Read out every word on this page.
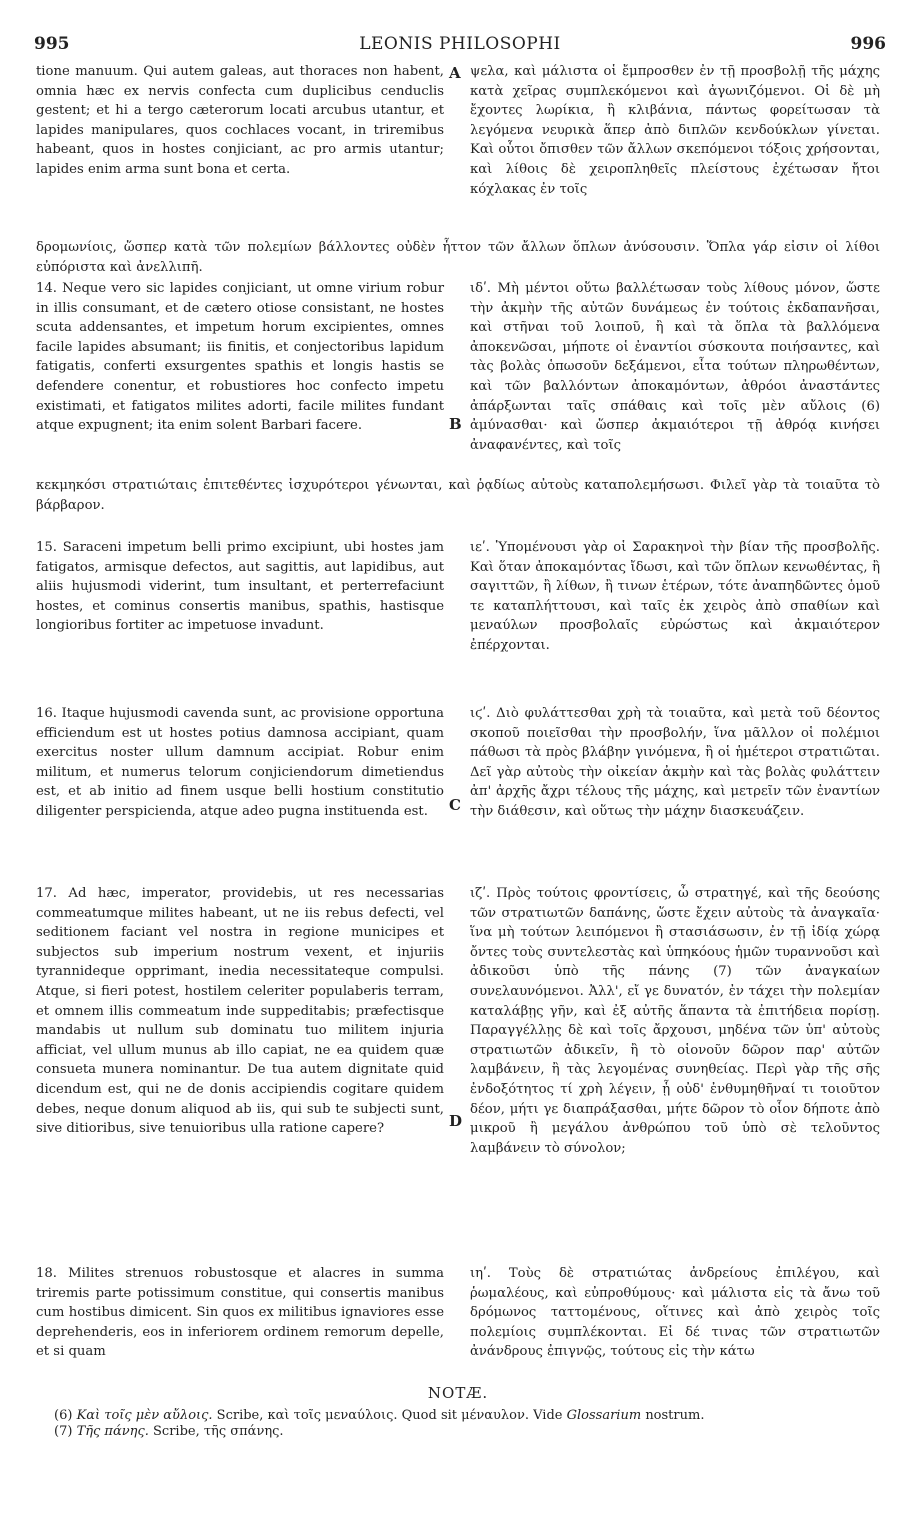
995	LEONIS PHILOSOPHI	996
tione manuum. Qui autem galeas, aut thoraces non habent, omnia hæc ex nervis confecta cum duplicibus cenduclis gestent; et hi a tergo cæterorum locati arcubus utantur, et lapides manipulares, quos cochlaces vocant, in triremibus habeant, quos in hostes conjiciant, ac pro armis utantur; lapides enim arma sunt bona et certa.
A ψελα, καὶ μάλιστα οἱ ἔμπροσθεν ἐν τῇ προσβολῇ τῆς μάχης κατὰ χεῖρας συμπλεκόμενοι καὶ ἀγωνιζόμενοι. Οἱ δὲ μὴ ἔχοντες λωρίκια, ἢ κλιβάνια, πάντως φορείτωσαν τὰ λεγόμενα νευρικὰ ἅπερ ἀπὸ διπλῶν κενδούκλων γίνεται. Καὶ οὗτοι ὄπισθεν τῶν ἄλλων σκεπόμενοι τόξοις χρήσονται, καὶ λίθοις δὲ χειροπληθεῖς πλείστους ἐχέτωσαν ἤτοι κόχλακας ἐν τοῖς
δρομωνίοις, ὥσπερ κατὰ τῶν πολεμίων βάλλοντες οὐδὲν ἧττον τῶν ἄλλων ὅπλων ἀνύσουσιν. Ὅπλα γάρ εἰσιν οἱ λίθοι εὐπόριστα καὶ ἀνελλιπῆ.
14. Neque vero sic lapides conjiciant, ut omne virium robur in illis consumant, et de cætero otiose consistant, ne hostes scuta addensantes, et impetum horum excipientes, omnes facile lapides absumant; iis finitis, et conjectoribus lapidum fatigatis, conferti exsurgentes spathis et longis hastis se defendere conentur, et robustiores hoc confecto impetu existimati, et fatigatos milites adorti, facile milites fundant atque expugnent; ita enim solent Barbari facere.	B
ιδʹ. Μὴ μέντοι οὕτω βαλλέτωσαν τοὺς λίθους μόνον, ὥστε τὴν ἀκμὴν τῆς αὐτῶν δυνάμεως ἐν τούτοις ἐκδαπανῆσαι, καὶ στῆναι τοῦ λοιποῦ, ἢ καὶ τὰ ὅπλα τὰ βαλλόμενα ἀποκενῶσαι, μήποτε οἱ ἐναντίοι σύσκουτα ποιήσαντες, καὶ τὰς βολὰς ὁπωσοῦν δεξάμενοι, εἶτα τούτων πληρωθέντων, καὶ τῶν βαλλόντων ἀποκαμόντων, ἀθρόοι ἀναστάντες ἀπάρξωνται ταῖς σπάθαις καὶ τοῖς μὲν αὔλοις (6) ἀμύνασθαι· καὶ ὥσπερ ἀκμαιότεροι τῇ ἀθρόᾳ κινήσει ἀναφανέντες, καὶ τοῖς
κεκμηκόσι στρατιώταις ἐπιτεθέντες ἰσχυρότεροι γένωνται, καὶ ῥᾳδίως αὐτοὺς καταπολεμήσωσι. Φιλεῖ γὰρ τὰ τοιαῦτα τὸ βάρβαρον.
15. Saraceni impetum belli primo excipiunt, ubi hostes jam fatigatos, armisque defectos, aut sagittis, aut lapidibus, aut aliis hujusmodi viderint, tum insultant, et perterrefaciunt hostes, et cominus consertis manibus, spathis, hastisque longioribus fortiter ac impetuose invadunt.
ιεʹ. Ὑπομένουσι γὰρ οἱ Σαρακηνοὶ τὴν βίαν τῆς προσβολῆς. Καὶ ὅταν ἀποκαμόντας ἴδωσι, καὶ τῶν ὅπλων κενωθέντας, ἢ σαγιττῶν, ἢ λίθων, ἢ τινων ἑτέρων, τότε ἀναπηδῶντες ὁμοῦ τε καταπλήττουσι, καὶ ταῖς ἐκ χειρὸς ἀπὸ σπαθίων καὶ μεναύλων προσβολαῖς εὐρώστως καὶ ἀκμαιότερον ἐπέρχονται.
16. Itaque hujusmodi cavenda sunt, ac provisione opportuna efficiendum est ut hostes potius damnosa accipiant, quam exercitus noster ullum damnum accipiat. Robur enim militum, et numerus telorum conjiciendorum dimetiendus est, et ab initio ad finem usque belli hostium constitutio diligenter perspicienda, atque adeo pugna instituenda est.	C
ιϛʹ. Διὸ φυλάττεσθαι χρὴ τὰ τοιαῦτα, καὶ μετὰ τοῦ δέοντος σκοποῦ ποιεῖσθαι τὴν προσβολήν, ἵνα μᾶλλον οἱ πολέμιοι πάθωσι τὰ πρὸς βλάβην γινόμενα, ἢ οἱ ἡμέτεροι στρατιῶται. Δεῖ γὰρ αὐτοὺς τὴν οἰκείαν ἀκμὴν καὶ τὰς βολὰς φυλάττειν ἀπ' ἀρχῆς ἄχρι τέλους τῆς μάχης, καὶ μετρεῖν τῶν ἐναντίων τὴν διάθεσιν, καὶ οὕτως τὴν μάχην διασκευάζειν.
17. Ad hæc, imperator, providebis, ut res necessarias commeatumque milites habeant, ut ne iis rebus defecti, vel seditionem faciant vel nostra in regione municipes et subjectos sub imperium nostrum vexent, et injuriis tyrannideque opprimant, inedia necessitateque compulsi. Atque, si fieri potest, hostilem celeriter populaberis terram, et omnem illis commeatum inde suppeditabis; præfectisque mandabis ut nullum sub dominatu tuo militem injuria afficiat, vel ullum munus ab illo capiat, ne ea quidem quæ consueta munera nominantur. De tua autem dignitate quid dicendum est, qui ne de donis accipiendis cogitare quidem debes, neque donum aliquod ab iis, qui sub te subjecti sunt, sive ditioribus, sive tenuioribus ulla ratione capere?	D
ιζʹ. Πρὸς τούτοις φροντίσεις, ὦ στρατηγέ, καὶ τῆς δεούσης τῶν στρατιωτῶν δαπάνης, ὥστε ἔχειν αὐτοὺς τὰ ἀναγκαῖα· ἵνα μὴ τούτων λειπόμενοι ἢ στασιάσωσιν, ἐν τῇ ἰδίᾳ χώρᾳ ὄντες τοὺς συντελεστὰς καὶ ὑπηκόους ἡμῶν τυραννοῦσι καὶ ἀδικοῦσι ὑπὸ τῆς πάνης (7) τῶν ἀναγκαίων συνελαυνόμενοι. Ἀλλ', εἴ γε δυνατόν, ἐν τάχει τὴν πολεμίαν καταλάβῃς γῆν, καὶ ἐξ αὐτῆς ἅπαντα τὰ ἐπιτήδεια πορίσῃ. Παραγγέλλῃς δὲ καὶ τοῖς ἄρχουσι, μηδένα τῶν ὑπ' αὐτοὺς στρατιωτῶν ἀδικεῖν, ἢ τὸ οἱονοῦν δῶρον παρ' αὐτῶν λαμβάνειν, ἢ τὰς λεγομένας συνηθείας. Περὶ γὰρ τῆς σῆς ἐνδοξότητος τί χρὴ λέγειν, ᾗ οὐδ' ἐνθυμηθῆναί τι τοιοῦτον δέον, μήτι γε διαπράξασθαι, μήτε δῶρον τὸ οἷον δήποτε ἀπὸ μικροῦ ἢ μεγάλου ἀνθρώπου τοῦ ὑπὸ σὲ τελοῦντος λαμβάνειν τὸ σύνολον;
18. Milites strenuos robustosque et alacres in summa triremis parte potissimum constitue, qui consertis manibus cum hostibus dimicent. Sin quos ex militibus ignaviores esse deprehenderis, eos in inferiorem ordinem remorum depelle, et si quam
ιηʹ. Τοὺς δὲ στρατιώτας ἀνδρείους ἐπιλέγου, καὶ ῥωμαλέους, καὶ εὐπροθύμους· καὶ μάλιστα εἰς τὰ ἄνω τοῦ δρόμωνος ταττομένους, οἵτινες καὶ ἀπὸ χειρὸς τοῖς πολεμίοις συμπλέκονται. Εἰ δέ τινας τῶν στρατιωτῶν ἀνάνδρους ἐπιγνῷς, τούτους εἰς τὴν κάτω
NOTÆ.
(6) Καὶ τοῖς μὲν αὔλοις. Scribe, καὶ τοῖς μεναύλοις. Quod sit μέναυλον. Vide Glossarium nostrum.
(7) Τῆς πάνης. Scribe, τῆς σπάνης.
